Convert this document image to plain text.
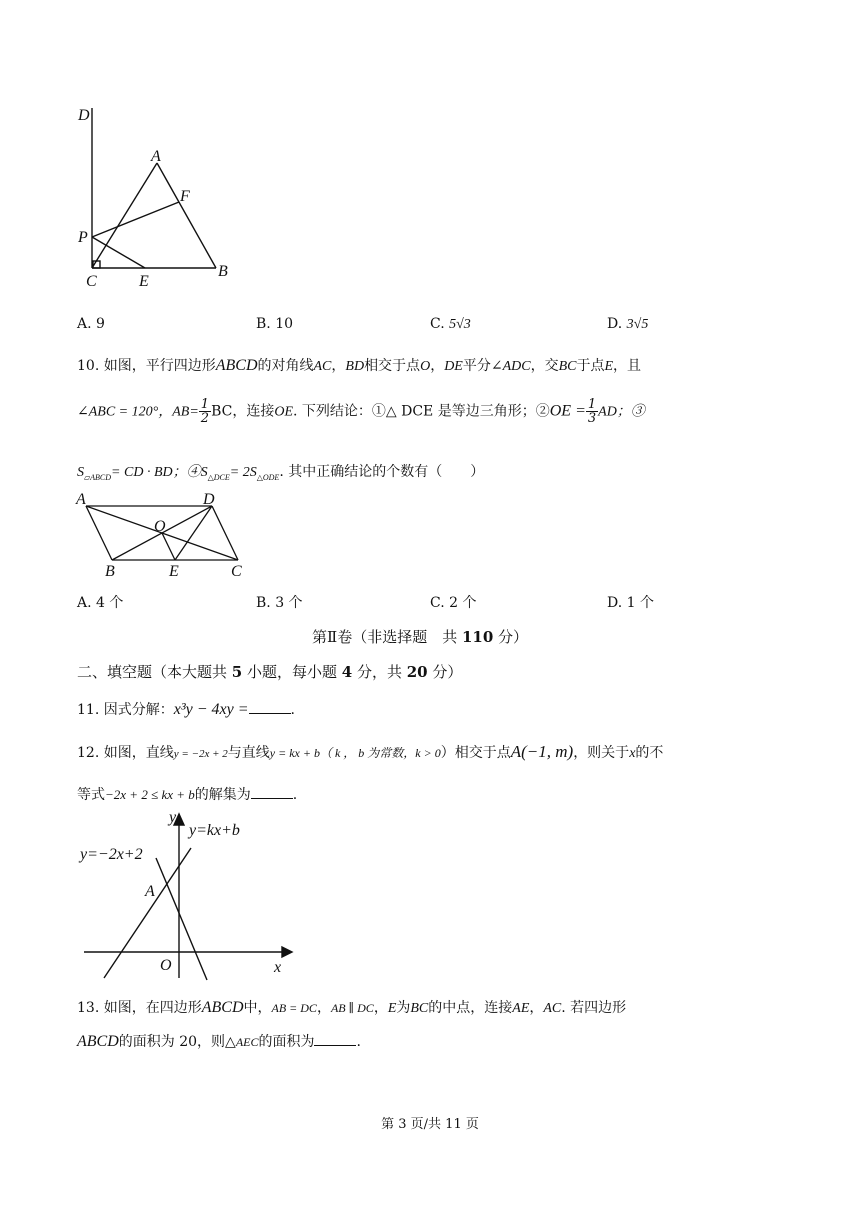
D
A
F
P
C	E
B
A. 9	B. 10	C. 5√3	D. 3√5
10. 如图，平行四边形ABCD的对角线AC，BD相交于点O，DE平分∠ADC，交BC于点E，且
∠ABC = 120°，$AB= \frac{1}{2}$ BC，连接OE. 下列结论：①△ DCE 是等边三角形；②OE = $\frac{1}{3}$ AD；③
$S_{▱ABCD}=$ CD · BD；$④S_{\triangle DCE}= 2S_{\triangle ODE}$. 其中正确结论的个数有（　　）
A	D
O
B	E	C
A. 4 个	B. 3 个	C. 2 个	D. 1 个
第Ⅱ卷（非选择题　共 110 分）
二、填空题（本大题共 5 小题，每小题 4 分，共 20 分）
11. 因式分解：x³y − 4xy =	.
12. 如图，直线y = −2x + 2与直线y = kx + b（ k ， b 为常数，k > 0）相交于点A(−1, m)，则关于x的不
等式−2x + 2 ≤ kx + b的解集为	.
y
y=kx+b
y=−2x+2
A
O	x
13. 如图，在四边形ABCD中，AB = DC，AB ∥ DC，E为BC的中点，连接AE，AC. 若四边形
ABCD的面积为 20，则△AEC的面积为	.
第 3 页/共 11 页
